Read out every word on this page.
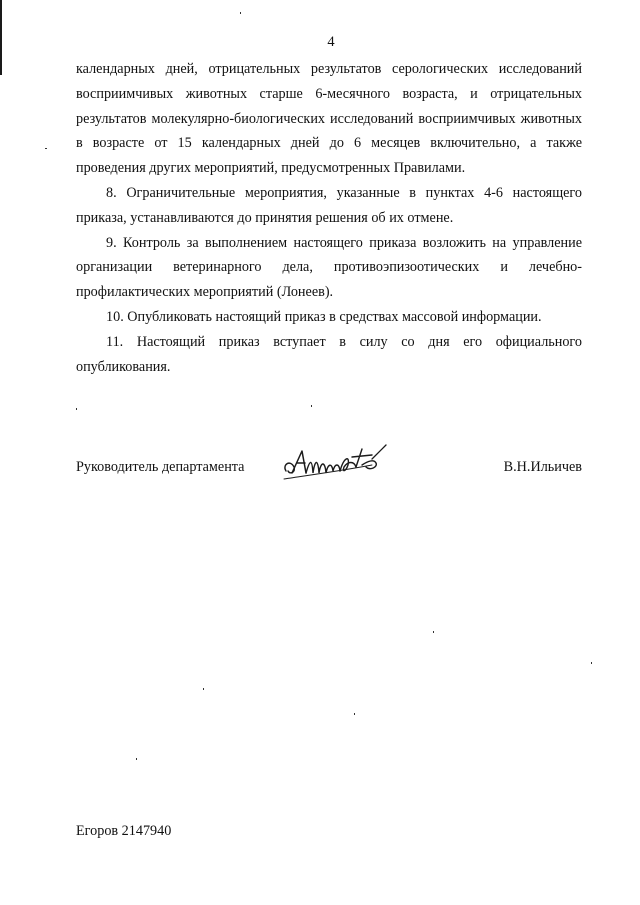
4

календарных дней, отрицательных результатов серологических исследований восприимчивых животных старше 6-месячного возраста, и отрицательных результатов молекулярно-биологических исследований восприимчивых животных в возрасте от 15 календарных дней до 6 месяцев включительно, а также проведения других мероприятий, предусмотренных Правилами.

8. Ограничительные мероприятия, указанные в пунктах 4-6 настоящего приказа, устанавливаются до принятия решения об их отмене.

9. Контроль за выполнением настоящего приказа возложить на управление организации ветеринарного дела, противоэпизоотических и лечебно-профилактических мероприятий (Лонеев).

10. Опубликовать настоящий приказ в средствах массовой информации.

11. Настоящий приказ вступает в силу со дня его официального опубликования.

Руководитель департамента	В.Н.Ильичев
Егоров 2147940
